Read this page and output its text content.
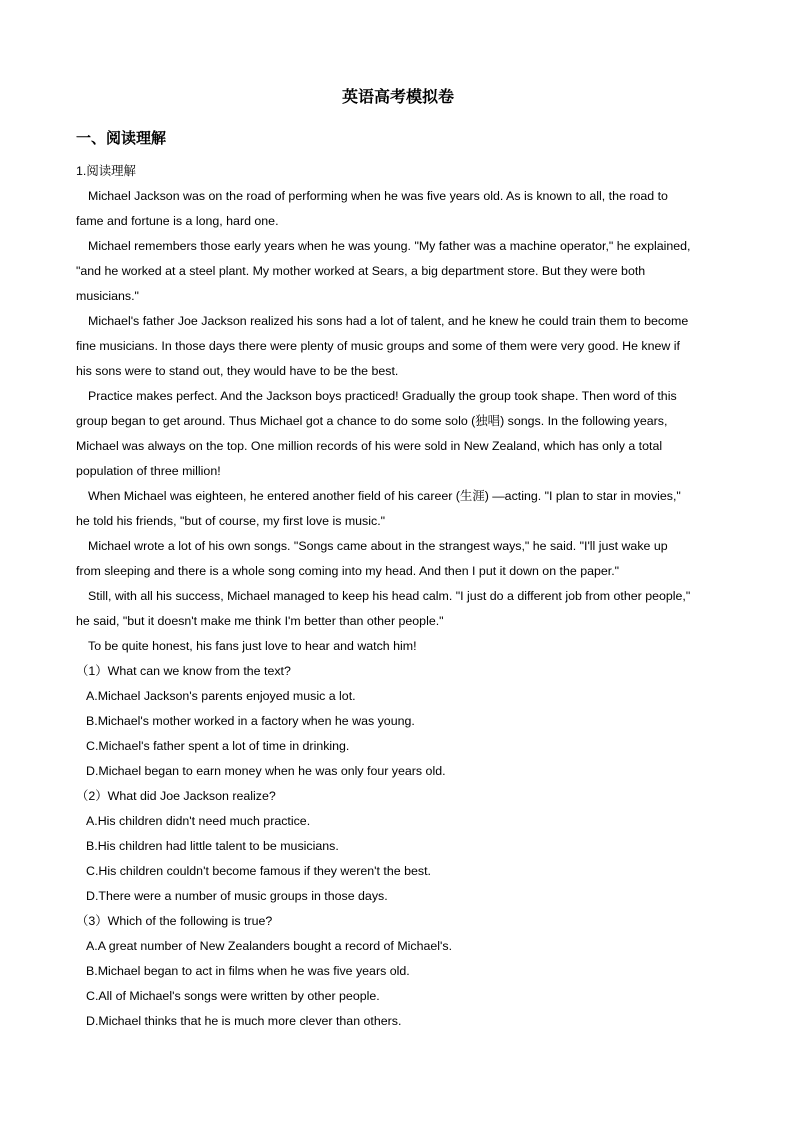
英语高考模拟卷
一、阅读理解
1.阅读理解
Michael Jackson was on the road of performing when he was five years old. As is known to all, the road to
fame and fortune is a long, hard one.
Michael remembers those early years when he was young. "My father was a machine operator," he explained,
"and he worked at a steel plant. My mother worked at Sears, a big department store. But they were both
musicians."
Michael's father Joe Jackson realized his sons had a lot of talent, and he knew he could train them to become
fine musicians. In those days there were plenty of music groups and some of them were very good. He knew if
his sons were to stand out, they would have to be the best.
Practice makes perfect. And the Jackson boys practiced! Gradually the group took shape. Then word of this
group began to get around. Thus Michael got a chance to do some solo (独唱) songs. In the following years,
Michael was always on the top. One million records of his were sold in New Zealand, which has only a total
population of three million!
When Michael was eighteen, he entered another field of his career (生涯) —acting. "I plan to star in movies,"
he told his friends, "but of course, my first love is music."
Michael wrote a lot of his own songs. "Songs came about in the strangest ways," he said. "I'll just wake up
from sleeping and there is a whole song coming into my head. And then I put it down on the paper."
Still, with all his success, Michael managed to keep his head calm. "I just do a different job from other people,"
he said, "but it doesn't make me think I'm better than other people."
To be quite honest, his fans just love to hear and watch him!
（1）What can we know from the text?
A.Michael Jackson's parents enjoyed music a lot.
B.Michael's mother worked in a factory when he was young.
C.Michael's father spent a lot of time in drinking.
D.Michael began to earn money when he was only four years old.
（2）What did Joe Jackson realize?
A.His children didn't need much practice.
B.His children had little talent to be musicians.
C.His children couldn't become famous if they weren't the best.
D.There were a number of music groups in those days.
（3）Which of the following is true?
A.A great number of New Zealanders bought a record of Michael's.
B.Michael began to act in films when he was five years old.
C.All of Michael's songs were written by other people.
D.Michael thinks that he is much more clever than others.
